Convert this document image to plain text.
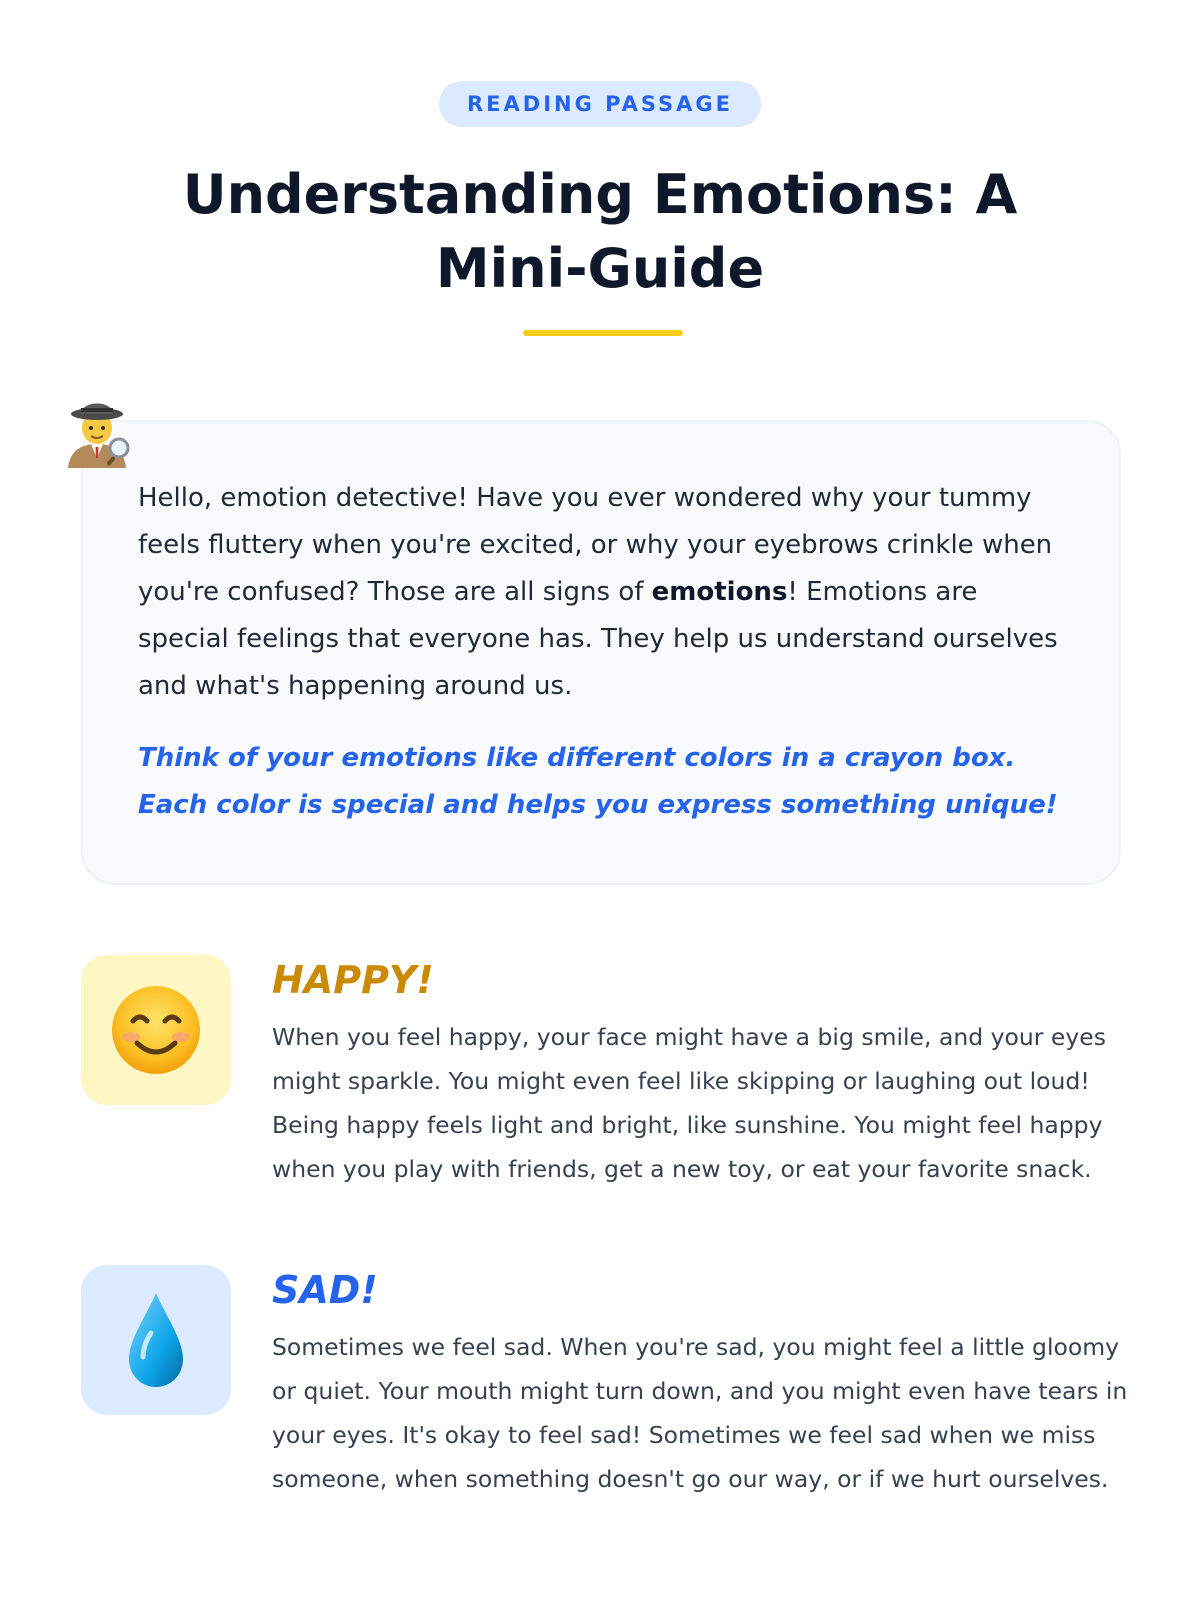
READING PASSAGE
Understanding Emotions: A Mini-Guide

Hello, emotion detective! Have you ever wondered why your tummy feels fluttery when you're excited, or why your eyebrows crinkle when you're confused? Those are all signs of emotions! Emotions are special feelings that everyone has. They help us understand ourselves and what's happening around us.

Think of your emotions like different colors in a crayon box. Each color is special and helps you express something unique!

HAPPY!

When you feel happy, your face might have a big smile, and your eyes might sparkle. You might even feel like skipping or laughing out loud! Being happy feels light and bright, like sunshine. You might feel happy when you play with friends, get a new toy, or eat your favorite snack.

SAD!

Sometimes we feel sad. When you're sad, you might feel a little gloomy or quiet. Your mouth might turn down, and you might even have tears in your eyes. It's okay to feel sad! Sometimes we feel sad when we miss someone, when something doesn't go our way, or if we hurt ourselves.
